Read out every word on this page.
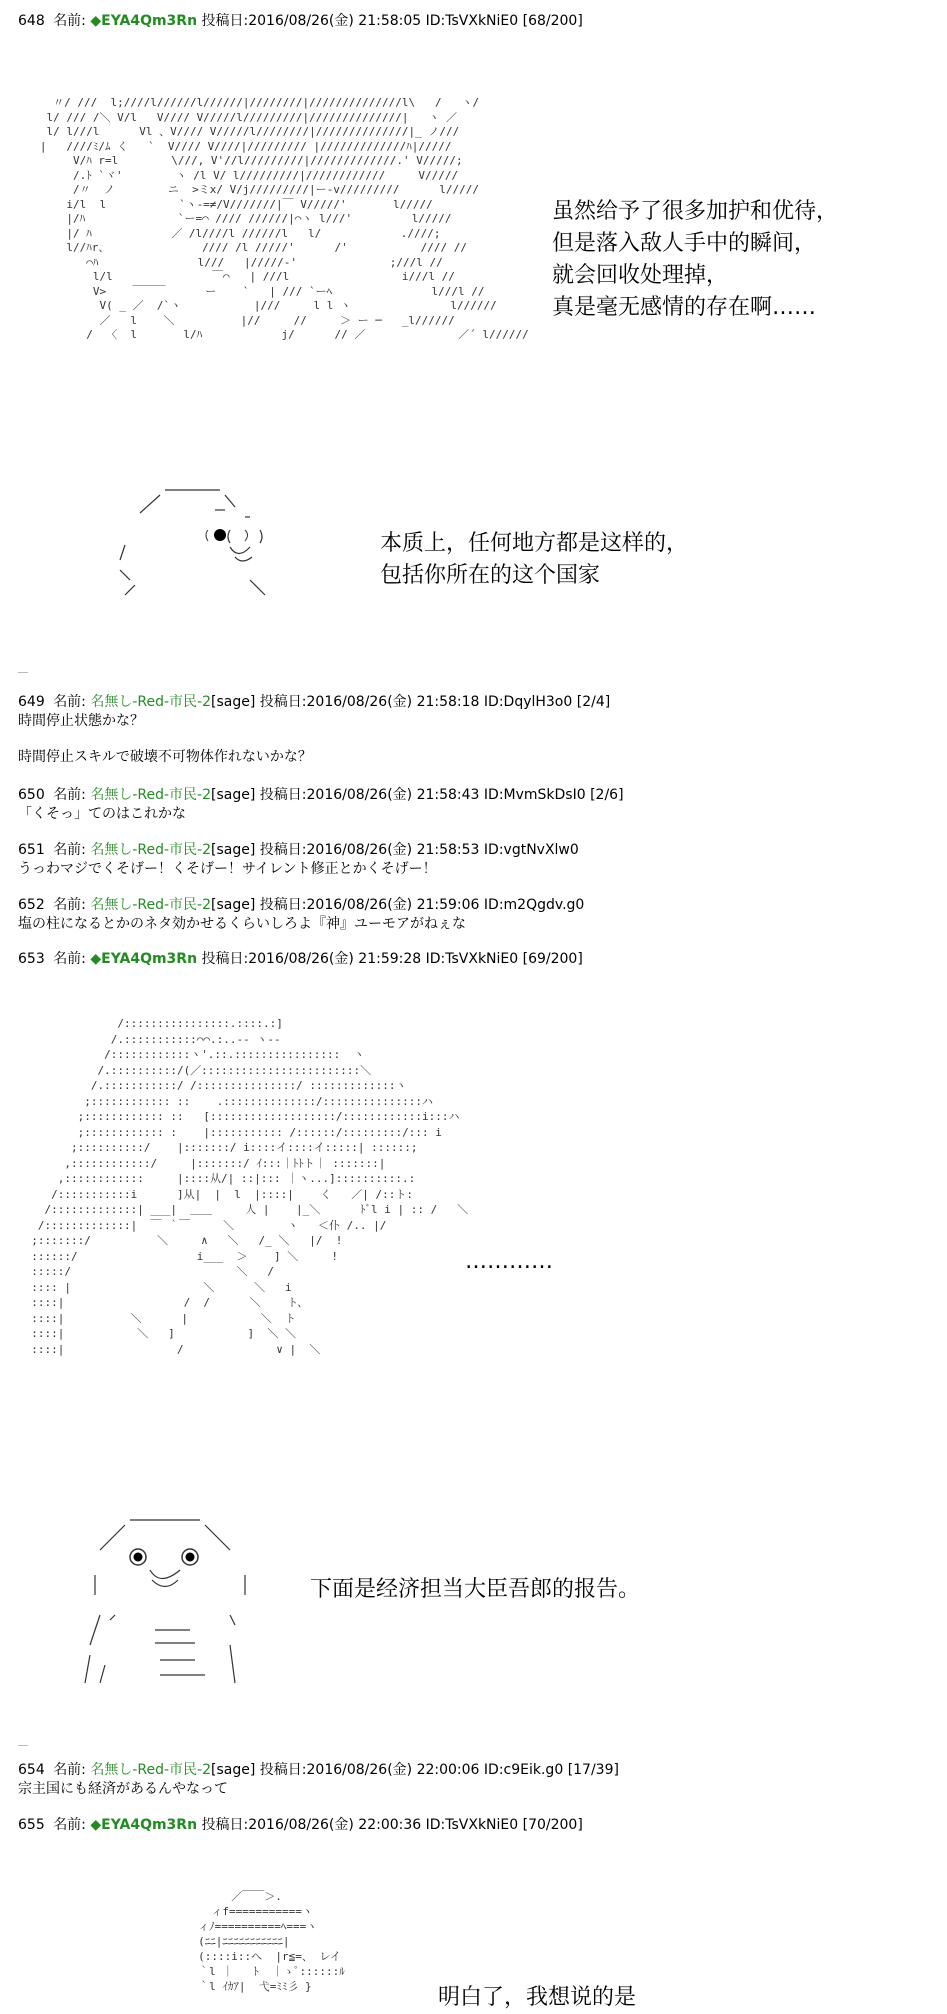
648 名前: ◆EYA4Qm3Rn 投稿日:2016/08/26(金) 21:58:05 ID:TsVXkNiE0 [68/200]
〃/ ///  l;////l//////l//////|////////|//////////////l\   /   ヽ/
l/ /// /＼ V/l   V//// V/////l/////////|//////////////|   ヽ ／
l/ l///l      Vl 、V//// V/////l////////|//////////////|_ ノ///
|   ////ﾐ/ﾑ く   `  V//// V////|///////// |/////////////ﾊ|/////
V/ﾊ r=l        \///, V'//l/////////|/////////////.' V/////;
/.ﾄ `ヾ'        ヽ /l V/ l/////////|////////////     V/////
/〃  ノ        ニ  >ミx/ V/j/////////|ー-v/////////      l/////
i/l  l           `ヽ-=≠/V///////|￣ V/////'       l/////
|/ﾊ              `ー=⌒ //// //////|⌒ヽ l///'         l/////
|/ ﾊ            ／ /l////l //////l   l/            .////;
l//ﾊr、              //// /l /////'      /'           //// //
⌒ﾊ               l///   |/////-'              ;///l //
l/l               ￣⌒   | ///l                 i///l //
V>    ￣￣￣      ー    `   | /// `ーﾍ               l///l //
V( _ ／  /`ヽ           |///     l l ヽ               l//////
／   l    ＼          |//     //     ＞ ー ─   _l//////
/  〈  l       l/ﾊ            j/      // ／              ／´ l//////
虽然给予了很多加护和优待，
但是落入敌人手中的瞬间，
就会回收处理掉，
真是毫无感情的存在啊……
本质上，任何地方都是这样的，
包括你所在的这个国家
＿
649 名前: 名無し-Red-市民-2[sage] 投稿日:2016/08/26(金) 21:58:18 ID:DqylH3o0 [2/4]
時間停止状態かな？
時間停止スキルで破壊不可物体作れないかな？
650 名前: 名無し-Red-市民-2[sage] 投稿日:2016/08/26(金) 21:58:43 ID:MvmSkDsI0 [2/6]
「くそっ」てのはこれかな
651 名前: 名無し-Red-市民-2[sage] 投稿日:2016/08/26(金) 21:58:53 ID:vgtNvXlw0
うっわマジでくそげー！くそげー！サイレント修正とかくそげー！
652 名前: 名無し-Red-市民-2[sage] 投稿日:2016/08/26(金) 21:59:06 ID:m2Qgdv.g0
塩の柱になるとかのネタ効かせるくらいしろよ『神』ユーモアがねぇな
653 名前: ◆EYA4Qm3Rn 投稿日:2016/08/26(金) 21:59:28 ID:TsVXkNiE0 [69/200]
/::::::::::::::::.::::.:]
/.:::::::::::⌒⌒.:..-- ヽ--
/::::::::::::ヽ'.::.::::::::::::::::  ヽ
/.::::::::::/(／::::::::::::::::::::::::＼
/.:::::::::::/ /:::::::::::::::/ :::::::::::::ヽ
;:::::::::::: ::    .::::::::::::::/:::::::::::::::ハ
;:::::::::::: ::   [:::::::::::::::::::/::::::::::::i:::ハ
;:::::::::::: :    |::::::::::: /::::::/:::::::::/::: i
;::::::::::/    |:::::::/ i::::イ::::イ:::::| ::::::;
,::::::::::::/     |:::::::/ ｲ:::｜ﾄﾄト｜ :::::::|
,::::::::::::     |::::从/| ::|::: ｜ヽ...]::::::::::.:
/:::::::::::i      ]从|  |  l  |::::|    く   ／| /::ト:
/:::::::::::::| ___|  ＿＿     人 |    |_＼      ﾄﾞl i | :: /   ＼
/:::::::::::::|  ￣ ｀￣     ＼        ヽ   ＜仆 /.. |/
;:::::::/          ＼     ∧   ＼   /_ ＼   |/  !
::::::/                  i___  ＞    ] ＼     !
:::::/                         ＼   /
:::: |                    ＼      ＼   i
::::|                  /  /      ＼    ト、
::::|          ＼      |           ＼  ト
::::|           ＼   ]           ]  ＼ ＼
::::|                 /              ∨ |  ＼
…………
下面是经济担当大臣吾郎的报告。
＿
654 名前: 名無し-Red-市民-2[sage] 投稿日:2016/08/26(金) 22:00:06 ID:c9Eik.g0 [17/39]
宗主国にも経済があるんやなって
655 名前: ◆EYA4Qm3Rn 投稿日:2016/08/26(金) 22:00:36 ID:TsVXkNiE0 [70/200]
／￣￣＞.
ィf===========ヽ
ィﾉ==========ﾍ===ヽ
(ﾆﾆ|ﾆﾆﾆﾆﾆﾆﾆﾆﾆﾆﾆ|
(::::i::へ  |r≦=、 レイ
｀l ｜   ﾄ  ｜ゝﾟ::::::ﾙ
｀l ｲｶｱ|  弋=ﾐﾐ彡 }	明白了，我想说的是
